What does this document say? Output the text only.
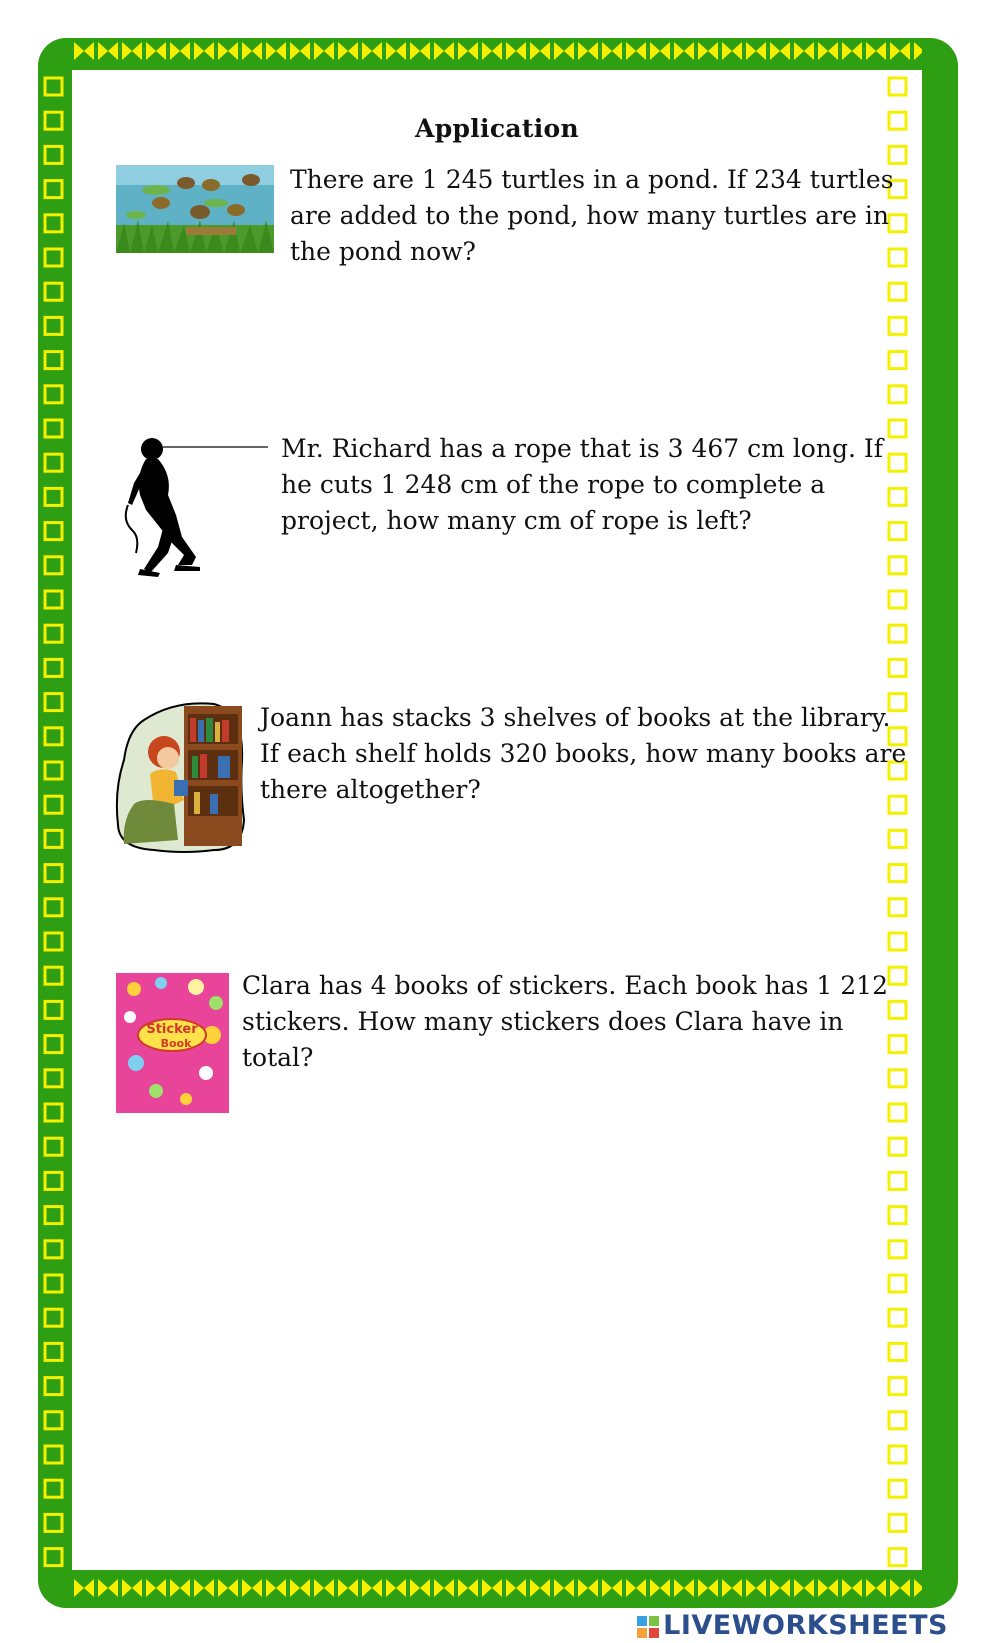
Application
There are 1 245 turtles in a pond. If 234 turtles
are added to the pond, how many turtles are in
the pond now?
Mr. Richard has a rope that is 3 467 cm long. If
he cuts 1 248 cm of the rope to complete a
project, how many cm of rope is left?
Joann has stacks 3 shelves of books at the library.
If each shelf holds 320 books, how many books are
there altogether?
Sticker
Book
Clara has 4 books of stickers. Each book has 1 212
stickers. How many stickers does Clara have in
total?
LIVEWORKSHEETS
